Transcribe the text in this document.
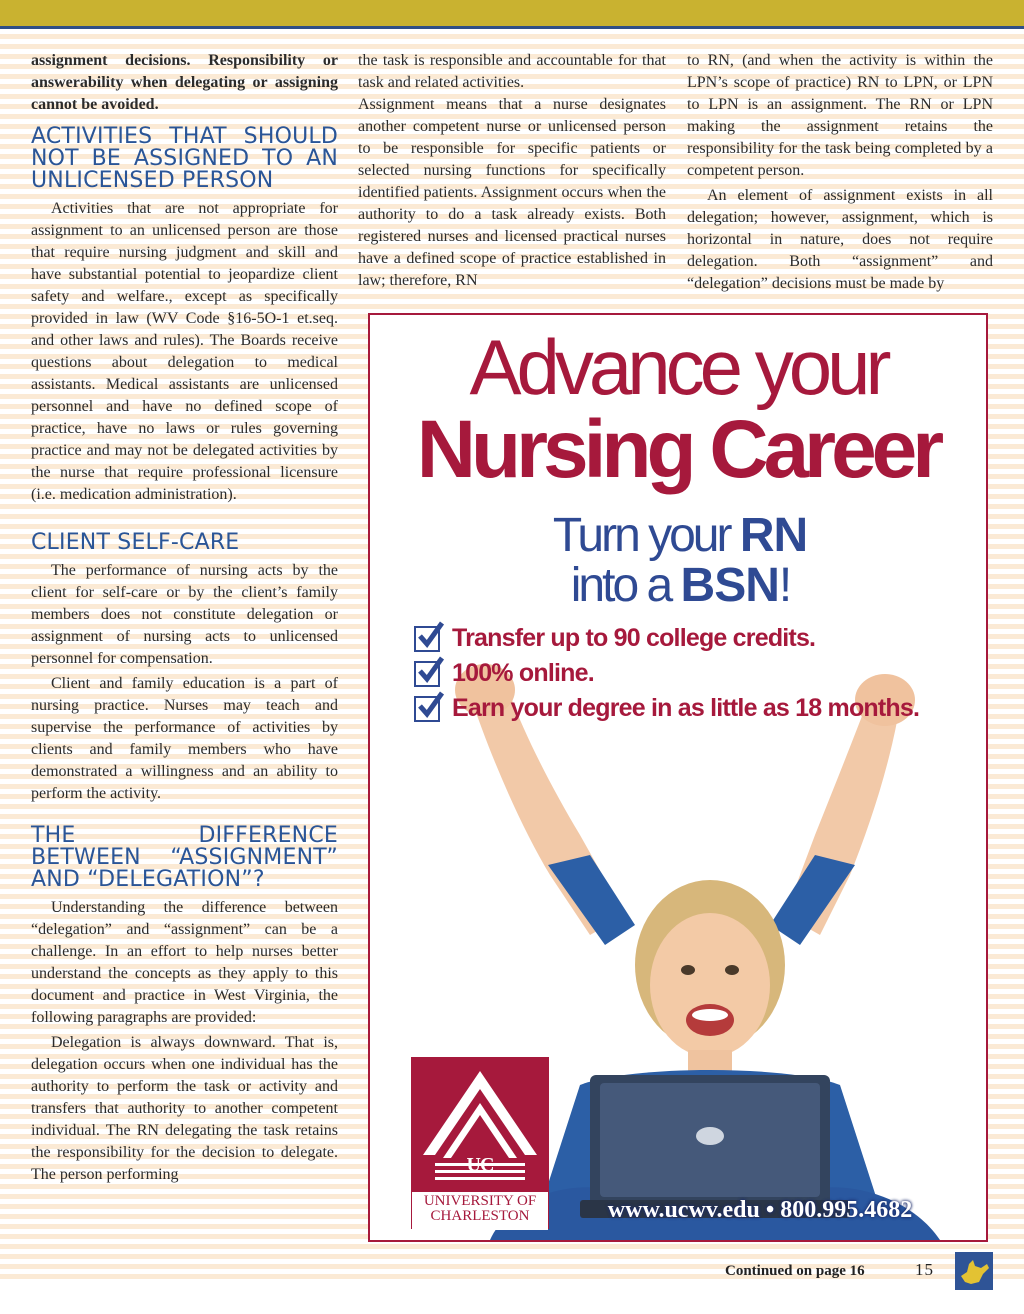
assignment decisions. Responsibility or answerability when delegating or assigning cannot be avoided.

ACTIVITIES THAT SHOULD NOT BE ASSIGNED TO AN UNLICENSED PERSON

Activities that are not appropriate for assignment to an unlicensed person are those that require nursing judgment and skill and have substantial potential to jeopardize client safety and welfare., except as specifically provided in law (WV Code §16-5O-1 et.seq. and other laws and rules). The Boards receive questions about delegation to medical assistants. Medical assistants are unlicensed personnel and have no defined scope of practice, have no laws or rules governing practice and may not be delegated activities by the nurse that require professional licensure (i.e. medication administration).

CLIENT SELF-CARE

The performance of nursing acts by the client for self-care or by the client’s family members does not constitute delegation or assignment of nursing acts to unlicensed personnel for compensation.

Client and family education is a part of nursing practice. Nurses may teach and supervise the performance of activities by clients and family members who have demonstrated a willingness and an ability to perform the activity.

THE DIFFERENCE BETWEEN “ASSIGNMENT” AND “DELEGATION”?

Understanding the difference between “delegation” and “assignment” can be a challenge. In an effort to help nurses better understand the concepts as they apply to this document and practice in West Virginia, the following paragraphs are provided:

Delegation is always downward. That is, delegation occurs when one individual has the authority to perform the task or activity and transfers that authority to another competent individual. The RN delegating the task retains the responsibility for the decision to delegate. The person performing

the task is responsible and accountable for that task and related activities.

Assignment means that a nurse designates another competent nurse or unlicensed person to be responsible for specific patients or selected nursing functions for specifically identified patients. Assignment occurs when the authority to do a task already exists. Both registered nurses and licensed practical nurses have a defined scope of practice established in law; therefore, RN

to RN, (and when the activity is within the LPN’s scope of practice) RN to LPN, or LPN to LPN is an assignment. The RN or LPN making the assignment retains the responsibility for the task being completed by a competent person.

An element of assignment exists in all delegation; however, assignment, which is horizontal in nature, does not require delegation. Both “assignment” and “delegation” decisions must be made by

Advance your
Nursing Career
Turn your RN
into a BSN!
Transfer up to 90 college credits.
100% online.
Earn your degree in as little as 18 months.
UC
UNIVERSITY OF
CHARLESTON	www.ucwv.edu • 800.995.4682
Continued on page 16	15
